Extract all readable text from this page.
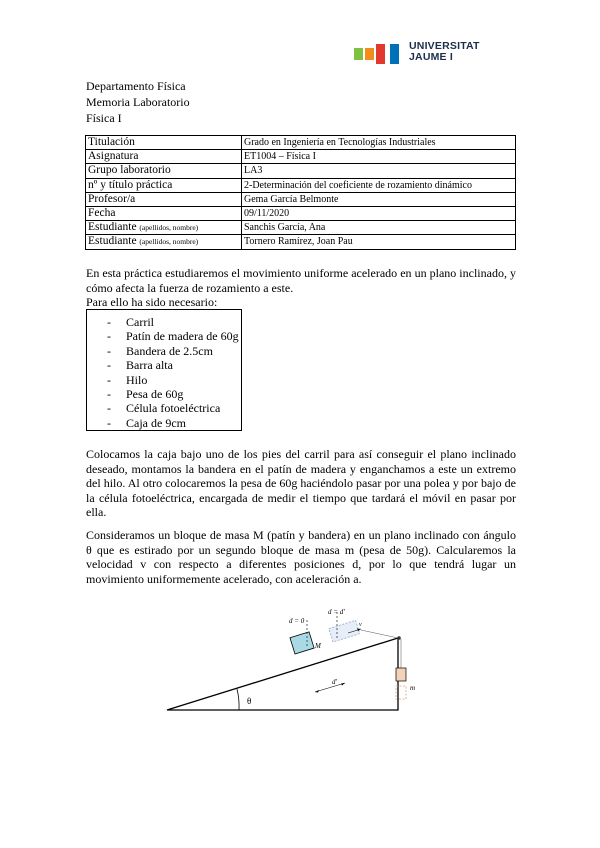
UNIVERSITAT
JAUME I
Departamento Física
Memoria Laboratorio
Física I
Titulación	Grado en Ingeniería en Tecnologías Industriales
Asignatura	ET1004 – Física I
Grupo laboratorio	LA3
nº y título práctica	2-Determinación del coeficiente de rozamiento dinámico
Profesor/a	Gema García Belmonte
Fecha	09/11/2020
Estudiante (apellidos, nombre)	Sanchis García, Ana
Estudiante (apellidos, nombre)	Tornero Ramírez, Joan Pau
En esta práctica estudiaremos el movimiento uniforme acelerado en un plano inclinado, y cómo afecta la fuerza de rozamiento a este.
Para ello ha sido necesario:
- Carril
- Patín de madera de 60g
- Bandera de 2.5cm
- Barra alta
- Hilo
- Pesa de 60g
- Célula fotoeléctrica
- Caja de 9cm
Colocamos la caja bajo uno de los pies del carril para así conseguir el plano inclinado deseado, montamos la bandera en el patín de madera y enganchamos a este un extremo del hilo. Al otro colocaremos la pesa de 60g haciéndolo pasar por una polea y por bajo de la célula fotoeléctrica, encargada de medir el tiempo que tardará el móvil en pasar por ella.
Consideramos un bloque de masa M (patín y bandera) en un plano inclinado con ángulo θ que es estirado por un segundo bloque de masa m (pesa de 50g). Calcularemos la velocidad v con respecto a diferentes posiciones d, por lo que tendrá lugar un movimiento uniformemente acelerado, con aceleración a.
m
v
d = 0
d = d'
M
d'
θ
